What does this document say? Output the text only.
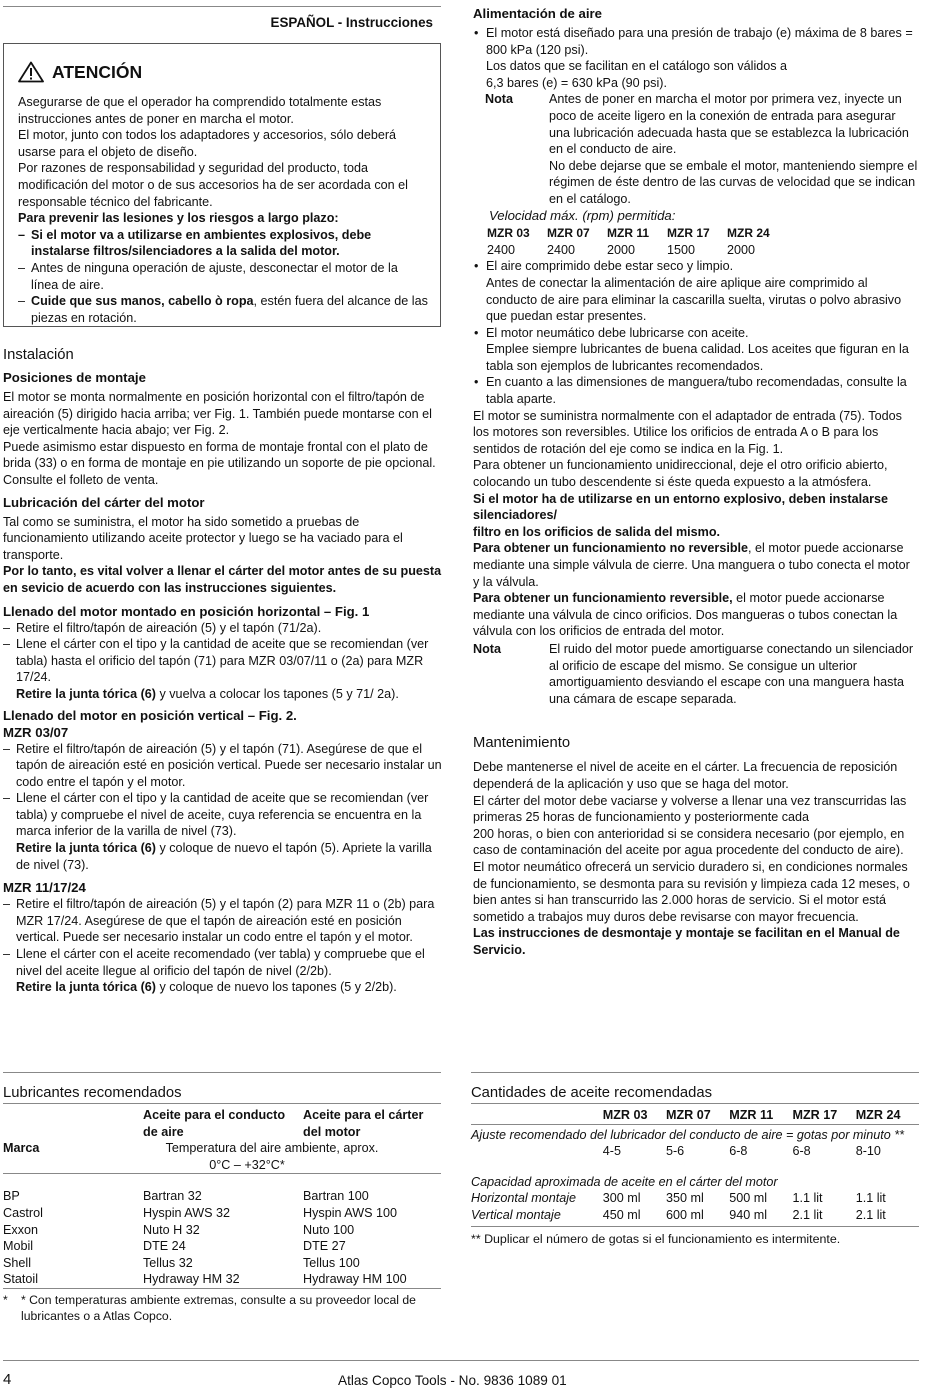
ESPAÑOL - Instrucciones
ATENCIÓN

Asegurarse de que el operador ha comprendido totalmente estas instrucciones antes de poner en marcha el motor.

El motor, junto con todos los adaptadores y accesorios, sólo deberá usarse para el objeto de diseño.

Por razones de responsabilidad y seguridad del producto, toda modificación del motor o de sus accesorios ha de ser acordada con el responsable técnico del fabricante.

Para prevenir las lesiones y los riesgos a largo plazo:

– Si el motor va a utilizarse en ambientes explosivos, debe instalarse filtros/silenciadores a la salida del motor.

– Antes de ninguna operación de ajuste, desconectar el motor de la línea de aire.

– Cuide que sus manos, cabello ò ropa, estén fuera del alcance de las piezas en rotación.

Instalación
Posiciones de montaje

El motor se monta normalmente en posición horizontal con el filtro/tapón de aireación (5) dirigido hacia arriba; ver Fig. 1. También puede montarse con el eje verticalmente hacia abajo; ver Fig. 2.

Puede asimismo estar dispuesto en forma de montaje frontal con el plato de brida (33) o en forma de montaje en pie utilizando un soporte de pie opcional. Consulte el folleto de venta.

Lubricación del cárter del motor

Tal como se suministra, el motor ha sido sometido a pruebas de funcionamiento utilizando aceite protector y luego se ha vaciado para el transporte.

Por lo tanto, es vital volver a llenar el cárter del motor antes de su puesta en sevicio de acuerdo con las instrucciones siguientes.

Llenado del motor montado en posición horizontal – Fig. 1

– Retire el filtro/tapón de aireación (5) y el tapón (71/2a).

– Llene el cárter con el tipo y la cantidad de aceite que se recomiendan (ver tabla) hasta el orificio del tapón (71) para MZR 03/07/11 o (2a) para MZR 17/24.

Retire la junta tórica (6) y vuelva a colocar los tapones (5 y 71/ 2a).

Llenado del motor en posición vertical – Fig. 2.
MZR 03/07

– Retire el filtro/tapón de aireación (5) y el tapón (71). Asegúrese de que el tapón de aireación esté en posición vertical. Puede ser necesario instalar un codo entre el tapón y el motor.

– Llene el cárter con el tipo y la cantidad de aceite que se recomiendan (ver tabla) y compruebe el nivel de aceite, cuya referencia se encuentra en la marca inferior de la varilla de nivel (73).

Retire la junta tórica (6) y coloque de nuevo el tapón (5). Apriete la varilla de nivel (73).

MZR 11/17/24

– Retire el filtro/tapón de aireación (5) y el tapón (2) para MZR 11 o (2b) para MZR 17/24. Asegúrese de que el tapón de aireación esté en posición vertical. Puede ser necesario instalar un codo entre el tapón y el motor.

– Llene el cárter con el aceite recomendado (ver tabla) y compruebe que el nivel del aceite llegue al orificio del tapón de nivel (2/2b).

Retire la junta tórica (6) y coloque de nuevo los tapones (5 y 2/2b).

Alimentación de aire

• El motor está diseñado para una presión de trabajo (e) máxima de 8 bares = 800 kPa (120 psi).
Los datos que se facilitan en el catálogo son válidos a
6,3 bares (e) = 630 kPa (90 psi).

Nota	Antes de poner en marcha el motor por primera vez, inyecte un poco de aceite ligero en la conexión de entrada para asegurar una lubricación adecuada hasta que se establezca la lubricación en el conducto de aire.

No debe dejarse que se embale el motor, manteniendo siempre el régimen de éste dentro de las curvas de velocidad que se indican en el catálogo.

Velocidad máx. (rpm) permitida:

MZR 03	MZR 07	MZR 11	MZR 17	MZR 24
2400	2400	2000	1500	2000

• El aire comprimido debe estar seco y limpio.
Antes de conectar la alimentación de aire aplique aire comprimido al conducto de aire para eliminar la cascarilla suelta, virutas o polvo abrasivo que puedan estar presentes.

• El motor neumático debe lubricarse con aceite.
Emplee siempre lubricantes de buena calidad. Los aceites que figuran en la tabla son ejemplos de lubricantes recomendados.

• En cuanto a las dimensiones de manguera/tubo recomendadas, consulte la tabla aparte.

El motor se suministra normalmente con el adaptador de entrada (75). Todos los motores son reversibles. Utilice los orificios de entrada A o B para los sentidos de rotación del eje como se indica en la Fig. 1.

Para obtener un funcionamiento unidireccional, deje el otro orificio abierto, colocando un tubo descendente si éste queda expuesto a la atmósfera.

Si el motor ha de utilizarse en un entorno explosivo, deben instalarse silenciadores/
filtro en los orificios de salida del mismo.

Para obtener un funcionamiento no reversible, el motor puede accionarse mediante una simple válvula de cierre. Una manguera o tubo conecta el motor y la válvula.

Para obtener un funcionamiento reversible, el motor puede accionarse mediante una válvula de cinco orificios. Dos mangueras o tubos conectan la válvula con los orificios de entrada del motor.

Nota	El ruido del motor puede amortiguarse conectando un silenciador al orificio de escape del mismo. Se consigue un ulterior amortiguamiento desviando el escape con una manguera hasta una cámara de escape separada.

Mantenimiento

Debe mantenerse el nivel de aceite en el cárter. La frecuencia de reposición dependerá de la aplicación y uso que se haga del motor.

El cárter del motor debe vaciarse y volverse a llenar una vez transcurridas las primeras 25 horas de funcionamiento y posteriormente cada
200 horas, o bien con anterioridad si se considera necesario (por ejemplo, en caso de contaminación del aceite por agua procedente del conducto de aire).

El motor neumático ofrecerá un servicio duradero si, en condiciones normales de funcionamiento, se desmonta para su revisión y limpieza cada 12 meses, o bien antes si han transcurrido las 2.000 horas de servicio. Si el motor está sometido a trabajos muy duros debe revisarse con mayor frecuencia.

Las instrucciones de desmontaje y montaje se facilitan en el Manual de Servicio.

Lubricantes recomendados
	Aceite para el conducto de aire	Aceite para el cárter del motor
Marca	Temperatura del aire ambiente, aprox.
0°C – +32°C*	
BP	Bartran 32	Bartran 100
Castrol	Hyspin AWS 32	Hyspin AWS 100
Exxon	Nuto H 32	Nuto 100
Mobil	DTE 24	DTE 27
Shell	Tellus 32	Tellus 100
Statoil	Hydraway HM 32	Hydraway HM 100

* * Con temperaturas ambiente extremas, consulte a su proveedor local de lubricantes o a Atlas Copco.

Cantidades de aceite recomendadas
	MZR 03	MZR 07	MZR 11	MZR 17	MZR 24
Ajuste recomendado del lubricador del conducto de aire = gotas por minuto **					
	4-5	5-6	6-8	6-8	8-10

Capacidad aproximada de aceite en el cárter del motor					
Horizontal montaje	300 ml	350 ml	500 ml	1.1 lit	1.1 lit
Vertical montaje	450 ml	600 ml	940 ml	2.1 lit	2.1 lit

** Duplicar el número de gotas si el funcionamiento es intermitente.

4	Atlas Copco Tools - No. 9836 1089 01
